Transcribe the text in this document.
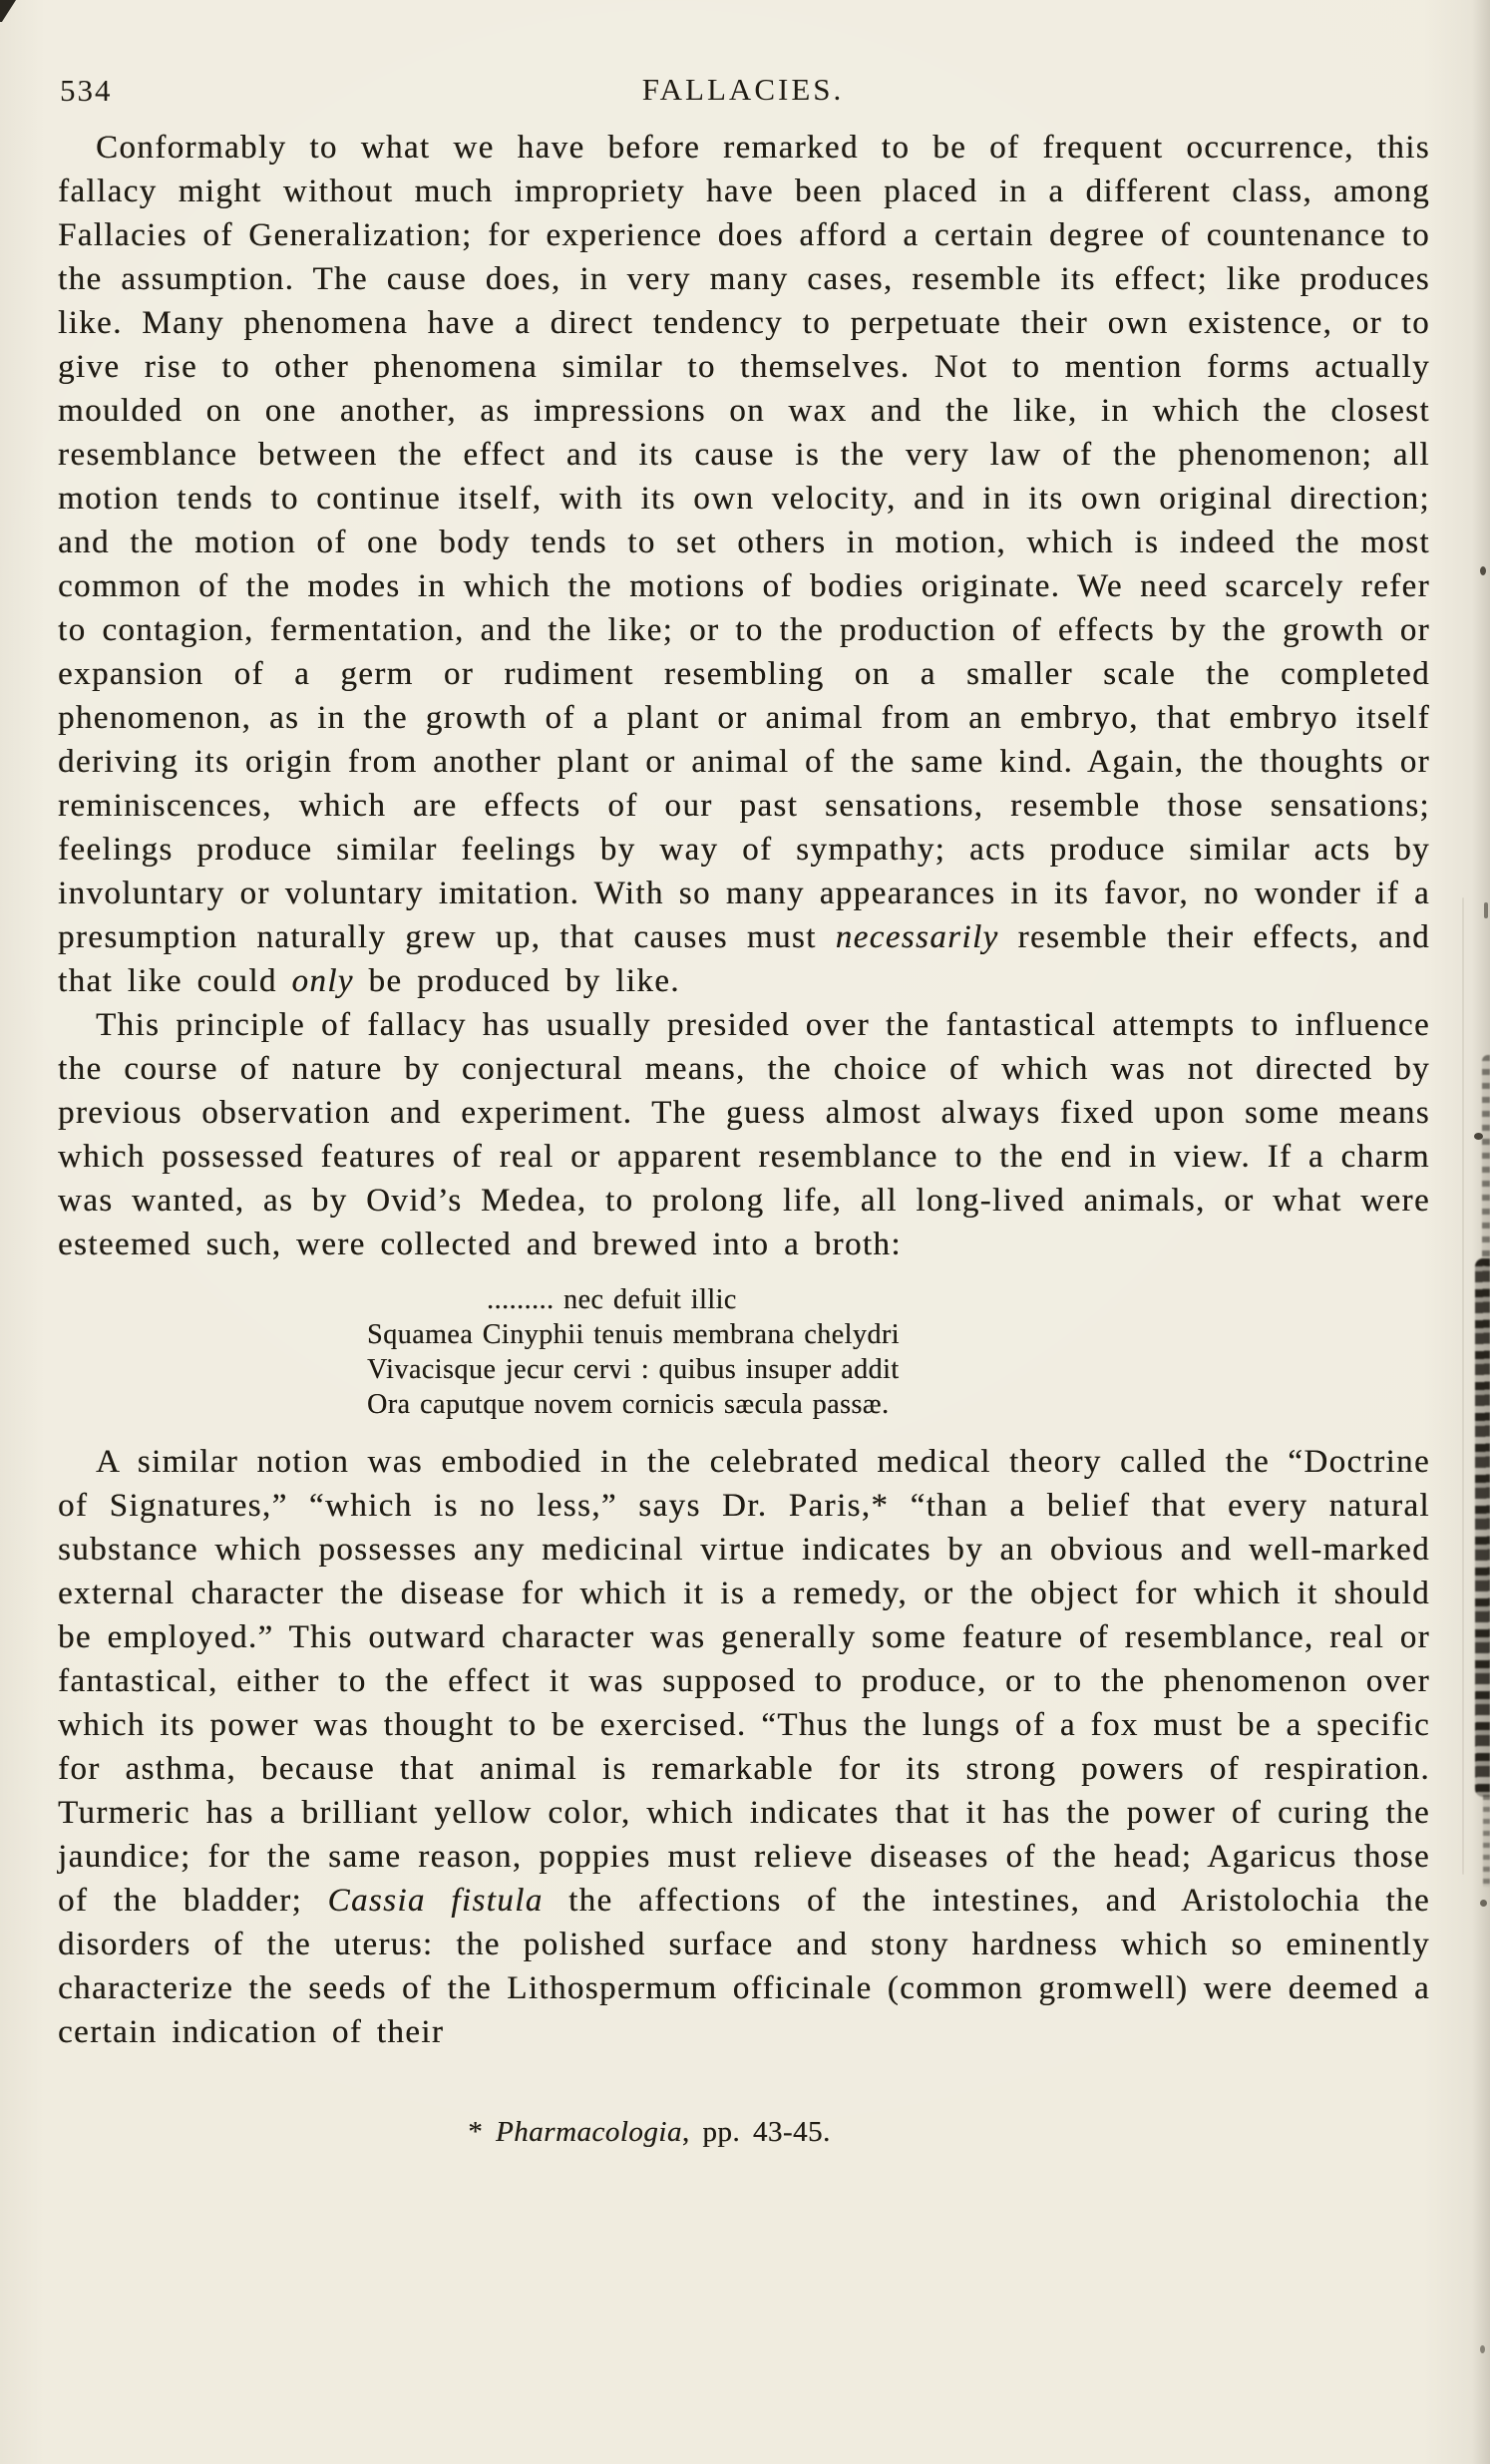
534	FALLACIES.

Conformably to what we have before remarked to be of frequent occurrence, this fallacy might without much impropriety have been placed in a different class, among Fallacies of Generalization; for experience does afford a certain degree of countenance to the assumption. The cause does, in very many cases, resemble its effect; like produces like. Many phenomena have a direct tendency to perpetuate their own existence, or to give rise to other phenomena similar to themselves. Not to mention forms actually moulded on one another, as impressions on wax and the like, in which the closest resemblance between the effect and its cause is the very law of the phenomenon; all motion tends to continue itself, with its own velocity, and in its own original direction; and the motion of one body tends to set others in motion, which is indeed the most common of the modes in which the motions of bodies originate. We need scarcely refer to contagion, fermentation, and the like; or to the production of effects by the growth or expansion of a germ or rudiment resembling on a smaller scale the completed phenomenon, as in the growth of a plant or animal from an embryo, that embryo itself deriving its origin from another plant or animal of the same kind. Again, the thoughts or reminiscences, which are effects of our past sensations, resemble those sensations; feelings produce similar feelings by way of sympathy; acts produce similar acts by involuntary or voluntary imitation. With so many appearances in its favor, no wonder if a presumption naturally grew up, that causes must necessarily resemble their effects, and that like could only be produced by like.

This principle of fallacy has usually presided over the fantastical attempts to influence the course of nature by conjectural means, the choice of which was not directed by previous observation and experiment. The guess almost always fixed upon some means which possessed features of real or apparent resemblance to the end in view. If a charm was wanted, as by Ovid’s Medea, to prolong life, all long-lived animals, or what were esteemed such, were collected and brewed into a broth:

......... nec defuit illic
Squamea Cinyphii tenuis membrana chelydri
Vivacisque jecur cervi : quibus insuper addit
Ora caputque novem cornicis sæcula passæ.

A similar notion was embodied in the celebrated medical theory called the “Doctrine of Signatures,” “which is no less,” says Dr. Paris,* “than a belief that every natural substance which possesses any medicinal virtue indicates by an obvious and well-marked external character the disease for which it is a remedy, or the object for which it should be employed.” This outward character was generally some feature of resemblance, real or fantastical, either to the effect it was supposed to produce, or to the phenomenon over which its power was thought to be exercised. “Thus the lungs of a fox must be a specific for asthma, because that animal is remarkable for its strong powers of respiration. Turmeric has a brilliant yellow color, which indicates that it has the power of curing the jaundice; for the same reason, poppies must relieve diseases of the head; Agaricus those of the bladder; Cassia fistula the affections of the intestines, and Aristolochia the disorders of the uterus: the polished surface and stony hardness which so eminently characterize the seeds of the Lithospermum officinale (common gromwell) were deemed a certain indication of their

* Pharmacologia, pp. 43-45.
